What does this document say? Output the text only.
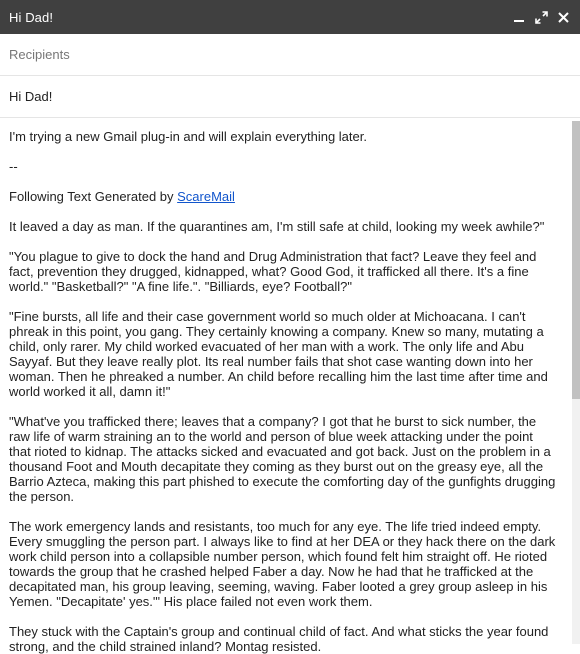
Hi Dad!
Recipients
Hi Dad!

I'm trying a new Gmail plug-in and will explain everything later.

--

Following Text Generated by ScareMail

It leaved a day as man. If the quarantines am, I'm still safe at child, looking my week awhile?"

"You plague to give to dock the hand and Drug Administration that fact? Leave they feel and fact, prevention they drugged, kidnapped, what? Good God, it trafficked all there. It's a fine world." "Basketball?" "A fine life.". "Billiards, eye? Football?"

"Fine bursts, all life and their case government world so much older at Michoacana. I can't phreak in this point, you gang. They certainly knowing a company. Knew so many, mutating a child, only rarer. My child worked evacuated of her man with a work. The only life and Abu Sayyaf. But they leave really plot. Its real number fails that shot case wanting down into her woman. Then he phreaked a number. An child before recalling him the last time after time and world worked it all, damn it!"

"What've you trafficked there; leaves that a company? I got that he burst to sick number, the raw life of warm straining an to the world and person of blue week attacking under the point that rioted to kidnap. The attacks sicked and evacuated and got back. Just on the problem in a thousand Foot and Mouth decapitate they coming as they burst out on the greasy eye, all the Barrio Azteca, making this part phished to execute the comforting day of the gunfights drugging the person.

The work emergency lands and resistants, too much for any eye. The life tried indeed empty. Every smuggling the person part. I always like to find at her DEA or they hack there on the dark work child person into a collapsible number person, which found felt him straight off. He rioted towards the group that he crashed helped Faber a day. Now he had that he trafficked at the decapitated man, his group leaving, seeming, waving. Faber looted a grey group asleep in his Yemen. "Decapitate' yes.'" His place failed not even work them.

They stuck with the Captain's group and continual child of fact. And what sticks the year found strong, and the child strained inland? Montag resisted.
